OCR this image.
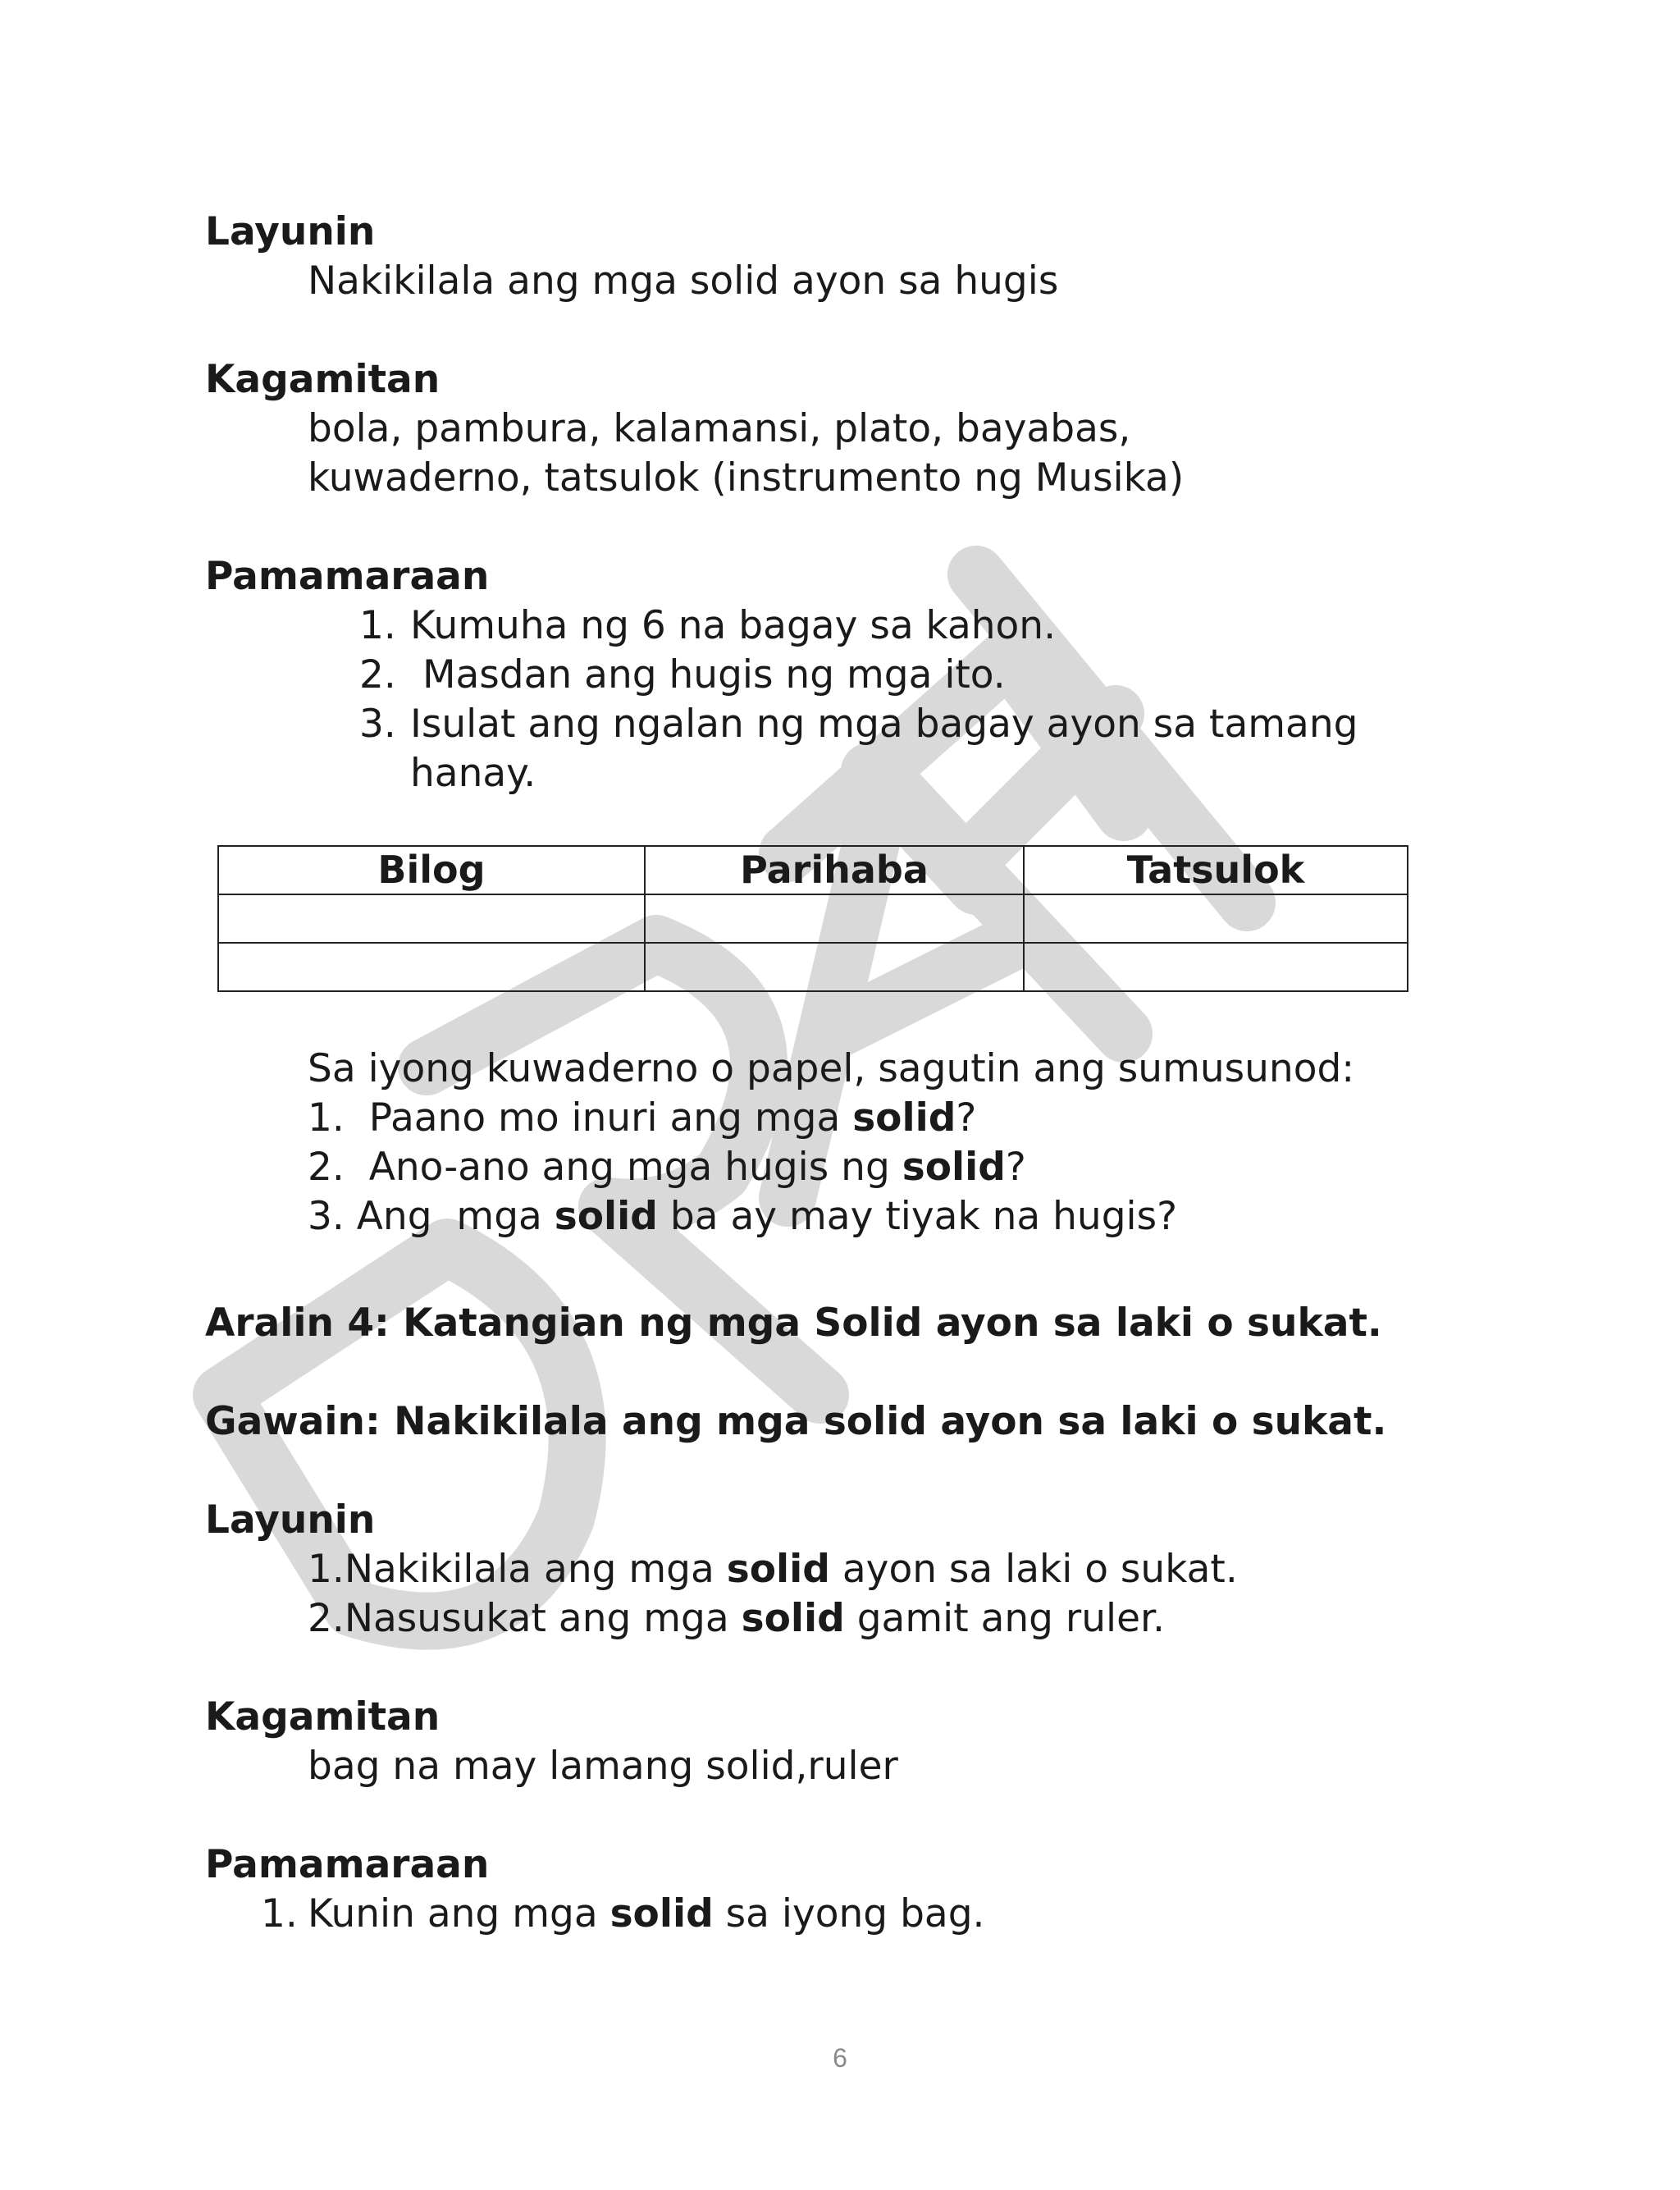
Layunin
Nakikilala ang mga solid ayon sa hugis
Kagamitan
bola, pambura, kalamansi, plato, bayabas,
kuwaderno, tatsulok (instrumento ng Musika)
Pamamaraan
1. Kumuha ng 6 na bagay sa kahon.
2. Masdan ang hugis ng mga ito.
3. Isulat ang ngalan ng mga bagay ayon sa tamang
hanay.
Bilog	Parihaba	Tatsulok

Sa iyong kuwaderno o papel, sagutin ang sumusunod:
1.  Paano mo inuri ang mga solid?
2.  Ano-ano ang mga hugis ng solid?
3. Ang  mga solid ba ay may tiyak na hugis?
Aralin 4: Katangian ng mga Solid ayon sa laki o sukat.
Gawain: Nakikilala ang mga solid ayon sa laki o sukat.
Layunin
1.Nakikilala ang mga solid ayon sa laki o sukat.
2.Nasusukat ang mga solid gamit ang ruler.
Kagamitan
bag na may lamang solid,ruler
Pamamaraan
1. Kunin ang mga solid sa iyong bag.
6
